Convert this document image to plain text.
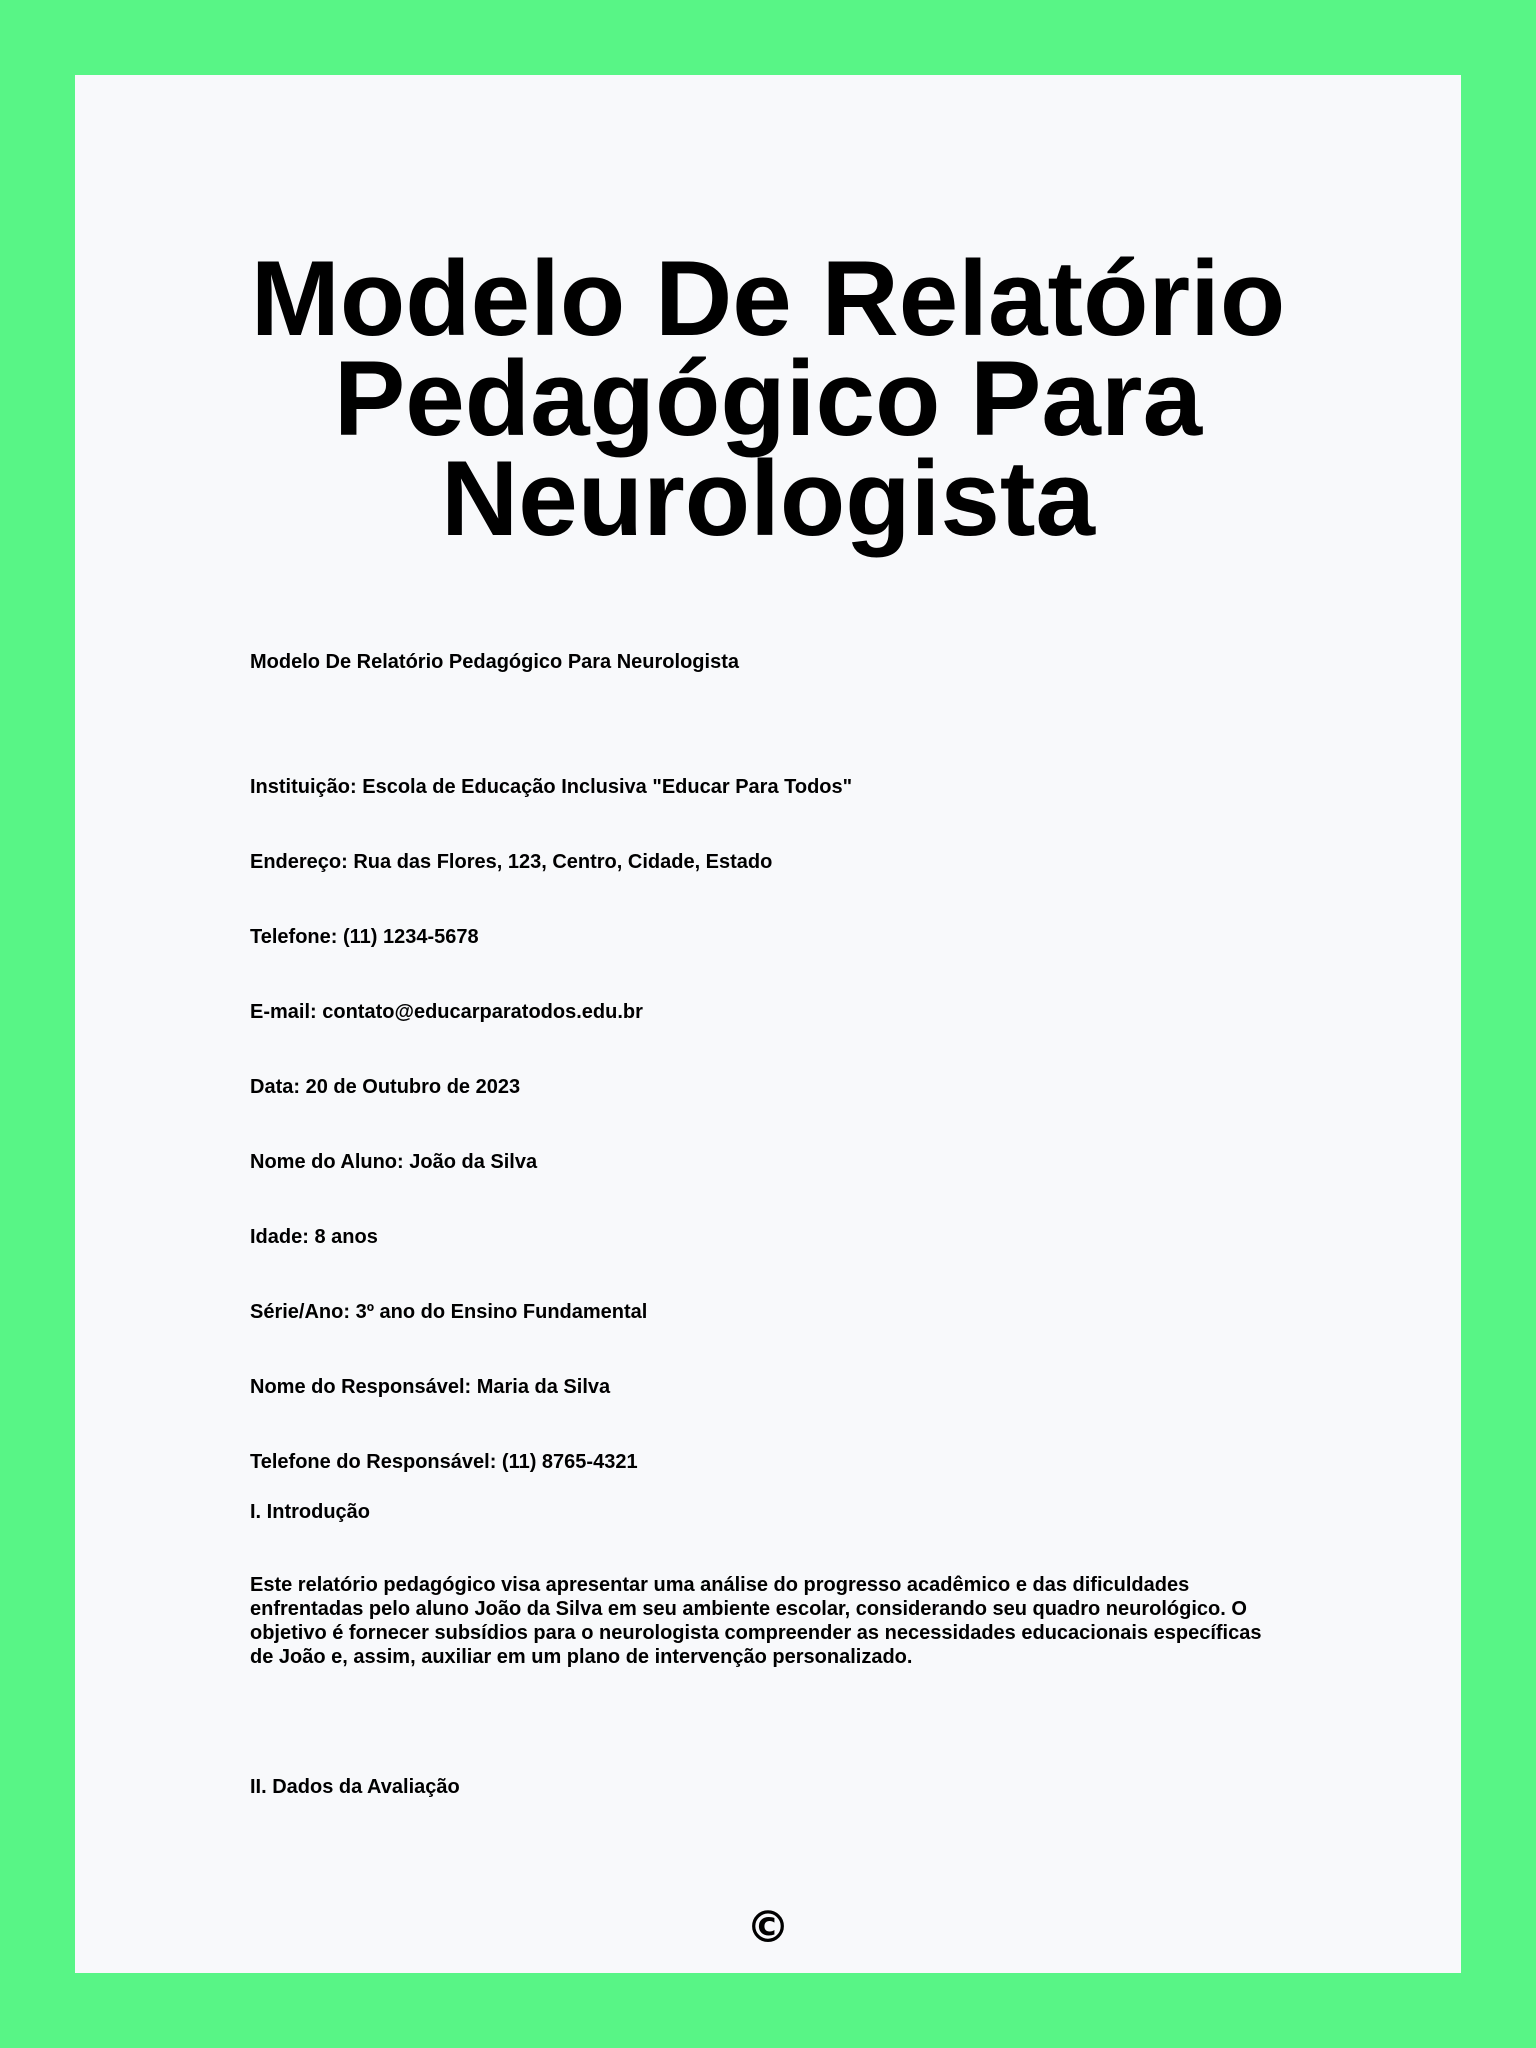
Modelo De Relatório
Pedagógico Para
Neurologista

Modelo De Relatório Pedagógico Para Neurologista

Instituição: Escola de Educação Inclusiva "Educar Para Todos"

Endereço: Rua das Flores, 123, Centro, Cidade, Estado

Telefone: (11) 1234-5678

E-mail: contato@educarparatodos.edu.br

Data: 20 de Outubro de 2023

Nome do Aluno: João da Silva

Idade: 8 anos

Série/Ano: 3º ano do Ensino Fundamental

Nome do Responsável: Maria da Silva

Telefone do Responsável: (11) 8765-4321

I. Introdução

Este relatório pedagógico visa apresentar uma análise do progresso acadêmico e das dificuldades enfrentadas pelo aluno João da Silva em seu ambiente escolar, considerando seu quadro neurológico. O objetivo é fornecer subsídios para o neurologista compreender as necessidades educacionais específicas de João e, assim, auxiliar em um plano de intervenção personalizado.

II. Dados da Avaliação

©
